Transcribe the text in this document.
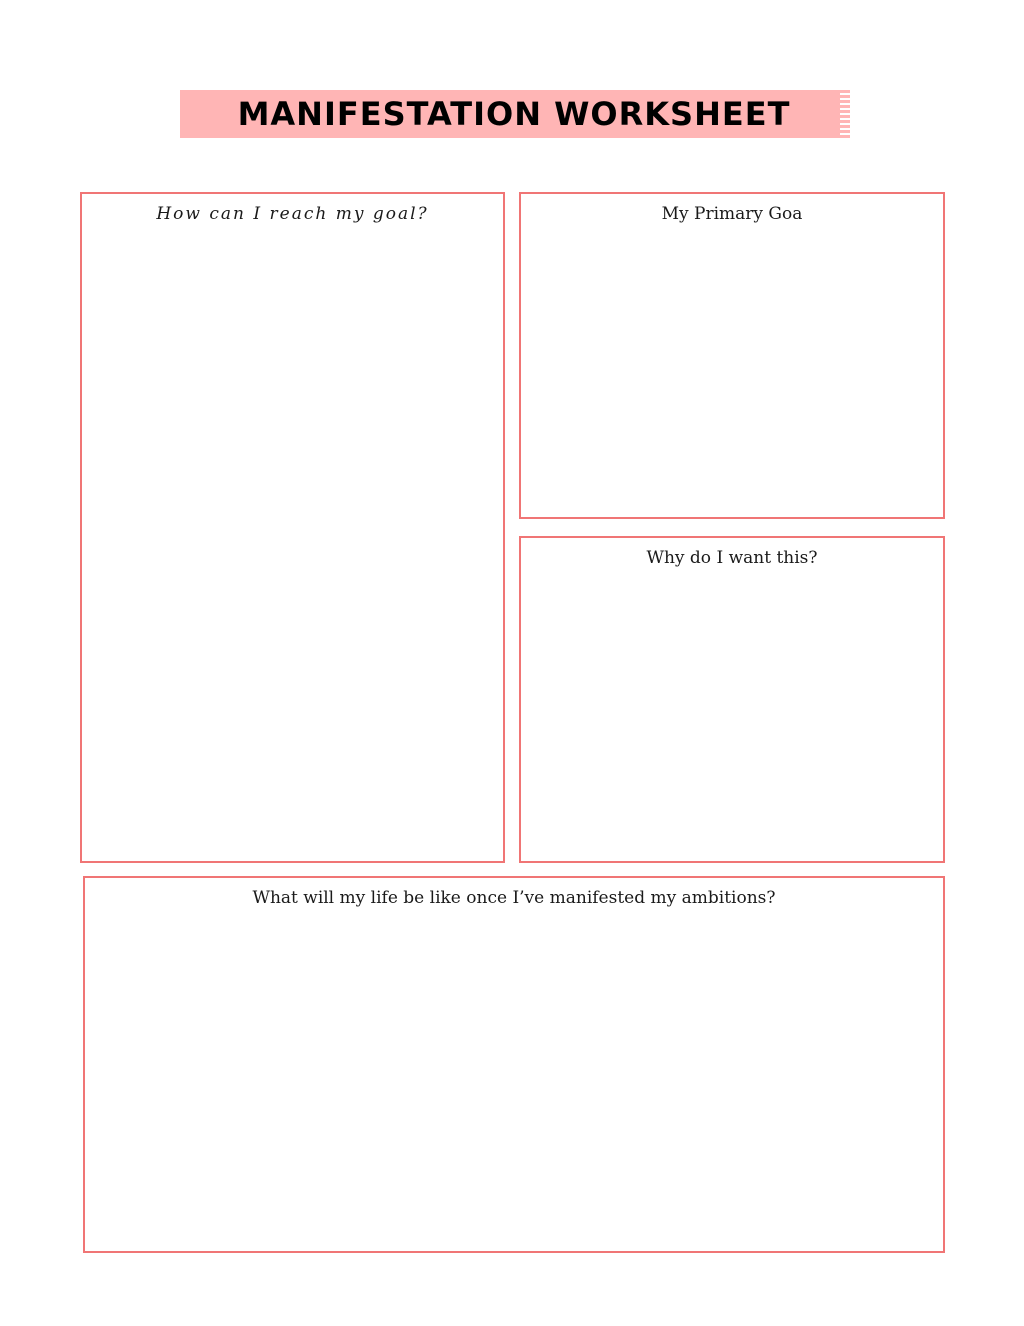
MANIFESTATION WORKSHEET
How can I reach my goal?	My Primary Goa
Why do I want this?
What will my life be like once I’ve manifested my ambitions?
